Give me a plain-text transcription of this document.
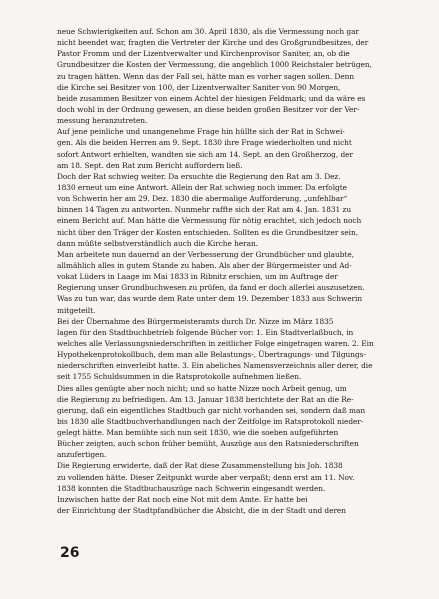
neue Schwierigkeiten auf. Schon am 30. April 1830, als die Vermessung noch gar
nicht beendet war, fragten die Vertreter der Kirche und des Großgrundbesitzes, der
Pastor Fromm und der Lizentverwalter und Kirchenprovisor Saniter, an, ob die
Grundbesitzer die Kosten der Vermessung, die angeblich 1000 Reichstaler betrügen,
zu tragen hätten. Wenn das der Fall sei, hätte man es vorher sagen sollen. Denn
die Kirche sei Besitzer von 100, der Lizentverwalter Saniter von 90 Morgen,
beide zusammen Besitzer von einem Achtel der hiesigen Feldmark; und da wäre es
doch wohl in der Ordnung gewesen, an diese beiden großen Besitzer vor der Ver-
messung heranzutreten.
Auf jene peinliche und unangenehme Frage hin hüllte sich der Rat in Schwei-
gen. Als die beiden Herren am 9. Sept. 1830 ihre Frage wiederholten und nicht
sofort Antwort erhielten, wandten sie sich am 14. Sept. an den Großherzog, der
am 18. Sept. den Rat zum Bericht auffordern ließ.
Doch der Rat schwieg weiter. Da ersuchte die Regierung den Rat am 3. Dez.
1830 erneut um eine Antwort. Allein der Rat schwieg noch immer. Da erfolgte
von Schwerin her am 29. Dez. 1830 die abermalige Aufforderung, „unfehlbar“
binnen 14 Tagen zu antworten. Nunmehr raffte sich der Rat am 4. Jan. 1831 zu
einem Bericht auf. Man hätte die Vermessung für nötig erachtet, sich jedoch noch
nicht über den Träger der Kosten entschieden. Sollten es die Grundbesitzer sein,
dann müßte selbstverständlich auch die Kirche heran.
Man arbeitete nun dauernd an der Verbesserung der Grundbücher und glaubte,
allmählich alles in gutem Stande zu haben. Als aber der Bürgermeister und Ad-
vokat Lüders in Laage im Mai 1833 in Ribnitz erschien, um im Auftrage der
Regierung unser Grundbuchwesen zu prüfen, da fand er doch allerlei auszusetzen.
Was zu tun war, das wurde dem Rate unter dem 19. Dezember 1833 aus Schwerin
mitgeteilt.
Bei der Übernahme des Bürgermeisteramts durch Dr. Nizze im März 1835
lagen für den Stadtbuchbetrieb folgende Bücher vor: 1. Ein Stadtverlaßbuch, in
welches alle Verlassungsniederschriften in zeitlicher Folge eingetragen waren. 2. Ein
Hypothekenprotokollbuch, dem man alle Belastungs-, Übertragungs- und Tilgungs-
niederschriften einverleibt hatte. 3. Ein abeliches Namensverzeichnis aller derer, die
seit 1755 Schuldsummen in die Ratsprotokolle aufnehmen ließen.
Dies alles genügte aber noch nicht; und so hatte Nizze noch Arbeit genug, um
die Regierung zu befriedigen. Am 13. Januar 1838 berichtete der Rat an die Re-
gierung, daß ein eigentliches Stadtbuch gar nicht vorhanden sei, sondern daß man
bis 1830 alle Stadtbuchverhandlungen nach der Zeitfolge im Ratsprotokoll nieder-
gelegt hätte. Man bemühte sich nun seit 1830, wie die soeben aufgeführten
Bücher zeigten, auch schon früher bemüht, Auszüge aus den Ratsniederschriften
anzufertigen.
Die Regierung erwiderte, daß der Rat diese Zusammenstellung bis Joh. 1838
zu vollenden hätte. Dieser Zeitpunkt wurde aber verpaßt; denn erst am 11. Nov.
1838 konnten die Stadtbuchauszüge nach Schwerin eingesandt werden.
Inzwischen hatte der Rat noch eine Not mit dem Amte. Er hatte bei
der Einrichtung der Stadtpfandbücher die Absicht, die in der Stadt und deren
26
